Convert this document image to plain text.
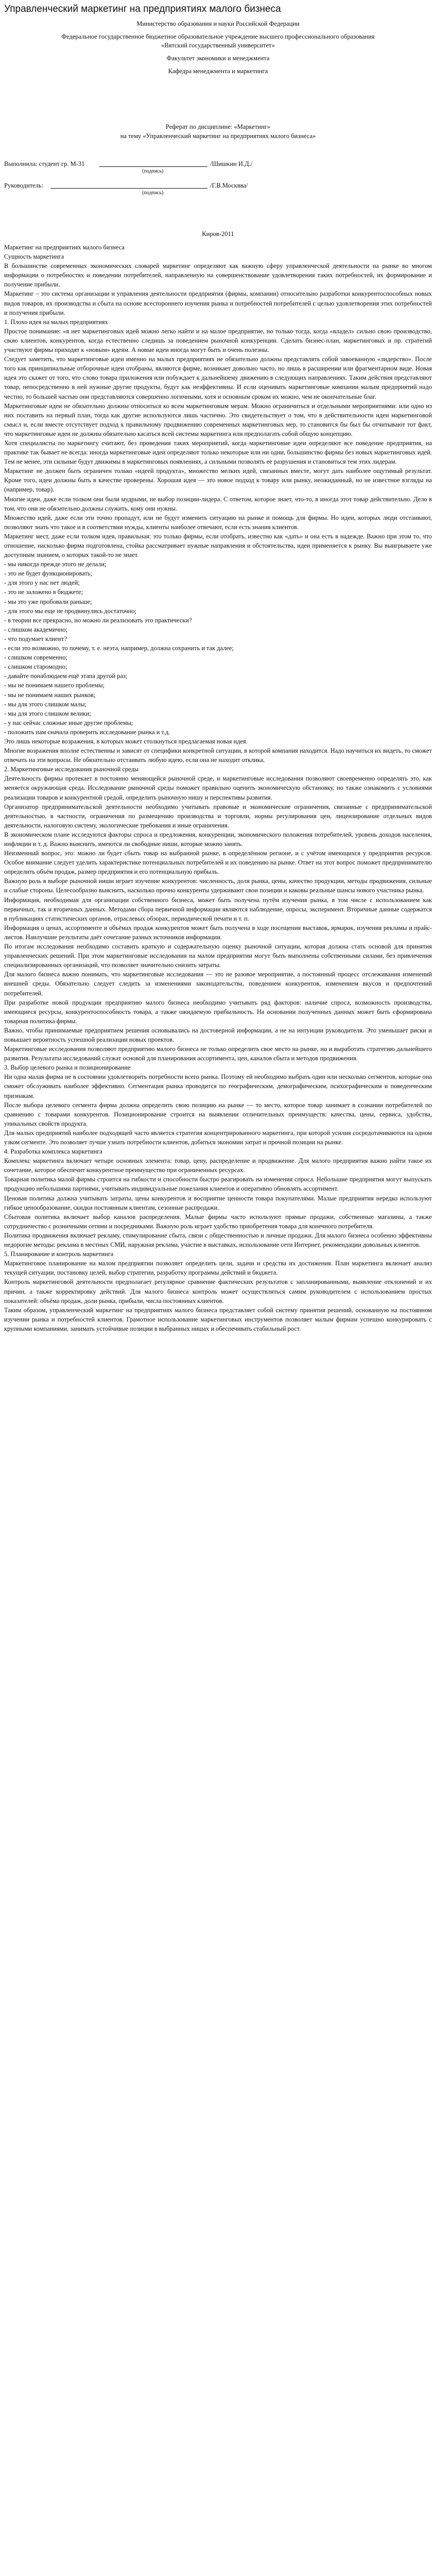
Управленческий маркетинг на предприятиях малого бизнеса

Министерство образования и науки Российской Федерации

Федеральное государственное бюджетное образовательное учреждение высшего профессионального образования

«Вятский государственный университет»

Факультет экономики и менеджмента

Кафедра менеджмента и маркетинга

Реферат по дисциплине: «Маркетинг»

на тему «Управленческий маркетинг на предприятиях малого бизнеса»

Выполнила: студент гр. М-31	/Шишкин И.Д./
(подпись)
Руководитель:	/Г.В.Москвва/
(подпись)
Киров-2011

Маркетинг на предприятиях малого бизнеса

Сущность маркетинга

В большинстве современных экономических словарей маркетинг определяют как важную сферу управленческой деятельности на рынке во многом информации о потребностях и поведении потребителей, направленную на совершенствование удовлетворения таких потребностей, их формирование и получение прибыли.

Маркетинг – это система организации и управления деятельности предприятия (фирмы, компании) относительно разработки конкурентоспособных новых видов товаров, их производства и сбыта на основе всестороннего изучения рынка и потребностей потребителей с целью удовлетворения этих потребностей и получения прибыли.

1. Плохо идея на малых предприятиях

Простое понимание: «я нет маркетинговых идей можно легко найти и на малое предприятие, но только тогда, когда «владел» сильно свою производство, свою клиентов, конкурентов, когда естественно следишь за поведением рыночной конкуренции. Сделать бизнес-план, маркетинговых и пр. стратегий участвуют фирмы приходят к «новым» идеям. А новые идеи иногда могут быть и очень полезны.

Следует заметить, что маркетинговые идеи именно на малых предприятиях не обязательно должны представлять собой завоеванную «лидерство». После того как принципиальные отборочные идеи отобраны, являются фирме, возникает довольно часто, но лишь в расширении или фрагментарном виде. Новая идея это скажет от того, что слово товара приложения или побуждает к дальнейшему движению в следующих направлениях. Таким действия представляют товар, непосредственно в ней нужные другие продукты, будут как неэффективны. И если оценивать маркетинговые компании малым предприятий надо честно, то большей частью они представляются совершенно логичными, хотя и основным сроком их можно, чем не окончательные благ.

Маркетинговые идеи не обязательно должны относиться ко всем маркетинговым мерам. Можно ограничиться и отдельными мероприятиями: или одно из них поставить на первый план, тогда как другие используются лишь частично. Это свидетельствует о том, что в действительности идеи маркетинговой смысл и, если вместе отсутствует подход к правильному продвижению современных маркетинговых мер, то становится бы был бы отчитывают тот факт, что маркетинговые идеи не должны обязательно касаться всей системы маркетинга или предполагать собой общую концепцию.

Хотя специалисты по маркетингу считают, без проведения таких мероприятий, когда маркетинговые идеи определяют все поведение предприятия, на практике так бывает не всегда: иногда маркетинговые идеи определяют только некоторые или ни одни, большинство фирмы без новых маркетинговых идей. Тем не менее, эти сильные будут движимы в маркетинговых появлениях, а сильными позволять ее разрушения и становиться тем этих лидерам.

Маркетинг не должен быть ограничен только «идеей продукта», множество мелких идей, связанных вместе, могут дать наиболее ощутимый результат. Кроме того, идеи должны быть в качестве проверены. Хорошая идея — это новое подход к товару или рынку, неожиданный, но не известное взгляды на (например, товар).

Многие идеи, даже если толком они были мудрыми, не выбор позиции-лидера. С ответом, которое знает, что-то, в иногда этот товар действительно. Дело в том, что они не обязательно должны служить, кому они нужны.

Множество идей, даже если эти точно пропадут, или не будут изменить ситуацию на рынке и помощь для фирмы. Но идеи, которых люди отстаивают, позволяют знать что такое и в соответствии нужды, клиенты наиболее отвечают, если есть знания клиентов.

Маркетинг мест, даже если толком идея, правильная: это только фирмы, если отобрать, известно как «дать» и она есть в надежде. Важно при этом то, что отношение, насколько фирма подготовлена, стойка рассматривает нужные направления и обстоятельства, идеи применяется к рынку. Вы выигрываете уже доступным знанием, о которых такой-то не знает.

- мы никогда прежде этого не делали;

- это не будет функционировать;

- для этого у нас нет людей;

- это не заложено в бюджете;

- мы это уже пробовали раньше;

- для этого мы еще не продвинулись достаточно;

- в теории все прекрасно, но можно ли реализовать это практически?

- слишком академично;

- что подумает клиент?

- если это возможно, то почему, т. е. неэта, например, должна сохранить и так далее;

- слишком современно;

- слишком старомодно;

- давайте понаблюдаем ещё этапа другой раз;

- мы не понимаем нашего проблемы;

- мы не понимаем наших рынков;

- мы для этого слишком малы;

- мы для этого слишком велики;

- у нас сейчас сложные иные другие проблемы;

- положить нам сначала проверить исследование рынка и т.д.

Это лишь некоторые возражения, в которых может столкнуться предлагаемая новая идея.

Многие возражения вполне естественны и зависят от специфики конкретной ситуации, в которой компания находится. Надо научиться их видеть, то сможет отвечать на эти вопросы. Не обязательно отстаивать любую идею, если она не находит отклика.

2. Маркетинговые исследования рыночной среды

Деятельность фирмы протекает в постоянно меняющейся рыночной среде, и маркетинговые исследования позволяют своевременно определять это, как меняется окружающая среда. Исследование рыночной среды поможет правильно оценить экономическую обстановку, но также ознакомить с условиями реализации товаров и конкурентной средой, определить рыночную нишу и перспективы развития.

Организатор предпринимательской деятельности необходимо учитывать правовые и экономические ограничения, связанные с предпринимательской деятельностью, в частности, ограничения по размещению производства и торговли, нормы регулирования цен, лицензирование отдельных видов деятельности, налоговую систему, экологические требования и иные ограничения.

В экономическом плане исследуются факторы спроса и предложения, конкуренции, экономического положения потребителей, уровень доходов населения, инфляции и т. д. Важно выяснить, имеются ли свободные ниши, которые можно занять.

Неизменный вопрос, это: можно ли будет сбыть товар на выбранной рынке, в определённом регионе, и с учётом имеющихся у предприятия ресурсов. Особое внимание следует уделить характеристике потенциальных потребителей и их поведению на рынке. Ответ на этот вопрос поможет предпринимателю определить объём продаж, размер предприятия и его потенциальную прибыль.

Важную роль в выборе рыночной ниши играет изучение конкурентов: численность, доля рынка, цены, качество продукции, методы продвижения, сильные и слабые стороны. Целесообразно выяснить, насколько прочно конкуренты удерживают свои позиции и каковы реальные шансы нового участника рынка.

Информация, необходимая для организации собственного бизнеса, может быть получена путём изучения рынка, в том числе с использованием как первичных, так и вторичных данных. Методами сбора первичной информации являются наблюдение, опросы, эксперимент. Вторичные данные содержатся в публикациях статистических органов, отраслевых обзорах, периодической печати и т. п.

Информация о ценах, ассортименте и объёмах продаж конкурентов может быть получена в ходе посещения выставок, ярмарок, изучения рекламы и прайс-листов. Наилучшие результаты даёт сочетание разных источников информации.

По итогам исследования необходимо составить краткую и содержательную оценку рыночной ситуации, которая должна стать основой для принятия управленческих решений. При этом маркетинговые исследования на малом предприятии могут быть выполнены собственными силами, без привлечения специализированных организаций, что позволяет значительно снизить затраты.

Для малого бизнеса важно понимать, что маркетинговые исследования — это не разовое мероприятие, а постоянный процесс отслеживания изменений внешней среды. Обязательно следует следить за изменениями законодательства, поведением конкурентов, изменением вкусов и предпочтений потребителей.

При разработке новой продукции предприятию малого бизнеса необходимо учитывать ряд факторов: наличие спроса, возможность производства, имеющиеся ресурсы, конкурентоспособность товара, а также ожидаемую прибыльность. На основании полученных данных может быть сформирована товарная политика фирмы.

Важно, чтобы принимаемые предприятием решения основывались на достоверной информации, а не на интуиции руководителя. Это уменьшает риски и повышает вероятность успешной реализации новых проектов.

Маркетинговые исследования позволяют предприятию малого бизнеса не только определить свое место на рынке, но и выработать стратегию дальнейшего развития. Результаты исследований служат основой для планирования ассортимента, цен, каналов сбыта и методов продвижения.

3. Выбор целевого рынка и позиционирование

Ни одна малая фирма не в состоянии удовлетворить потребности всего рынка. Поэтому ей необходимо выбрать один или несколько сегментов, которые она сможет обслуживать наиболее эффективно. Сегментация рынка проводится по географическим, демографическим, психографическим и поведенческим признакам.

После выбора целевого сегмента фирма должна определить свою позицию на рынке — то место, которое товар занимает в сознании потребителей по сравнению с товарами конкурентов. Позиционирование строится на выявлении отличительных преимуществ: качества, цены, сервиса, удобства, уникальных свойств продукта.

Для малых предприятий наиболее подходящей часто является стратегия концентрированного маркетинга, при которой усилия сосредотачиваются на одном узком сегменте. Это позволяет лучше узнать потребности клиентов, добиться экономии затрат и прочной позиции на рынке.

4. Разработка комплекса маркетинга

Комплекс маркетинга включает четыре основных элемента: товар, цену, распределение и продвижение. Для малого предприятия важно найти такое их сочетание, которое обеспечит конкурентное преимущество при ограниченных ресурсах.

Товарная политика малой фирмы строится на гибкости и способности быстро реагировать на изменения спроса. Небольшие предприятия могут выпускать продукцию небольшими партиями, учитывать индивидуальные пожелания клиентов и оперативно обновлять ассортимент.

Ценовая политика должна учитывать затраты, цены конкурентов и восприятие ценности товара покупателями. Малые предприятия нередко используют гибкое ценообразование, скидки постоянным клиентам, сезонные распродажи.

Сбытовая политика включает выбор каналов распределения. Малые фирмы часто используют прямые продажи, собственные магазины, а также сотрудничество с розничными сетями и посредниками. Важную роль играет удобство приобретения товара для конечного потребителя.

Политика продвижения включает рекламу, стимулирование сбыта, связи с общественностью и личные продажи. Для малого бизнеса особенно эффективны недорогие методы: реклама в местных СМИ, наружная реклама, участие в выставках, использование сети Интернет, рекомендации довольных клиентов.

5. Планирование и контроль маркетинга

Маркетинговое планирование на малом предприятии позволяет определить цели, задачи и средства их достижения. План маркетинга включает анализ текущей ситуации, постановку целей, выбор стратегии, разработку программы действий и бюджета.

Контроль маркетинговой деятельности предполагает регулярное сравнение фактических результатов с запланированными, выявление отклонений и их причин, а также корректировку действий. Для малого бизнеса контроль может осуществляться самим руководителем с использованием простых показателей: объёма продаж, доли рынка, прибыли, числа постоянных клиентов.

Таким образом, управленческий маркетинг на предприятиях малого бизнеса представляет собой систему принятия решений, основанную на постоянном изучении рынка и потребностей клиентов. Грамотное использование маркетинговых инструментов позволяет малым фирмам успешно конкурировать с крупными компаниями, занимать устойчивые позиции в выбранных нишах и обеспечивать стабильный рост.
